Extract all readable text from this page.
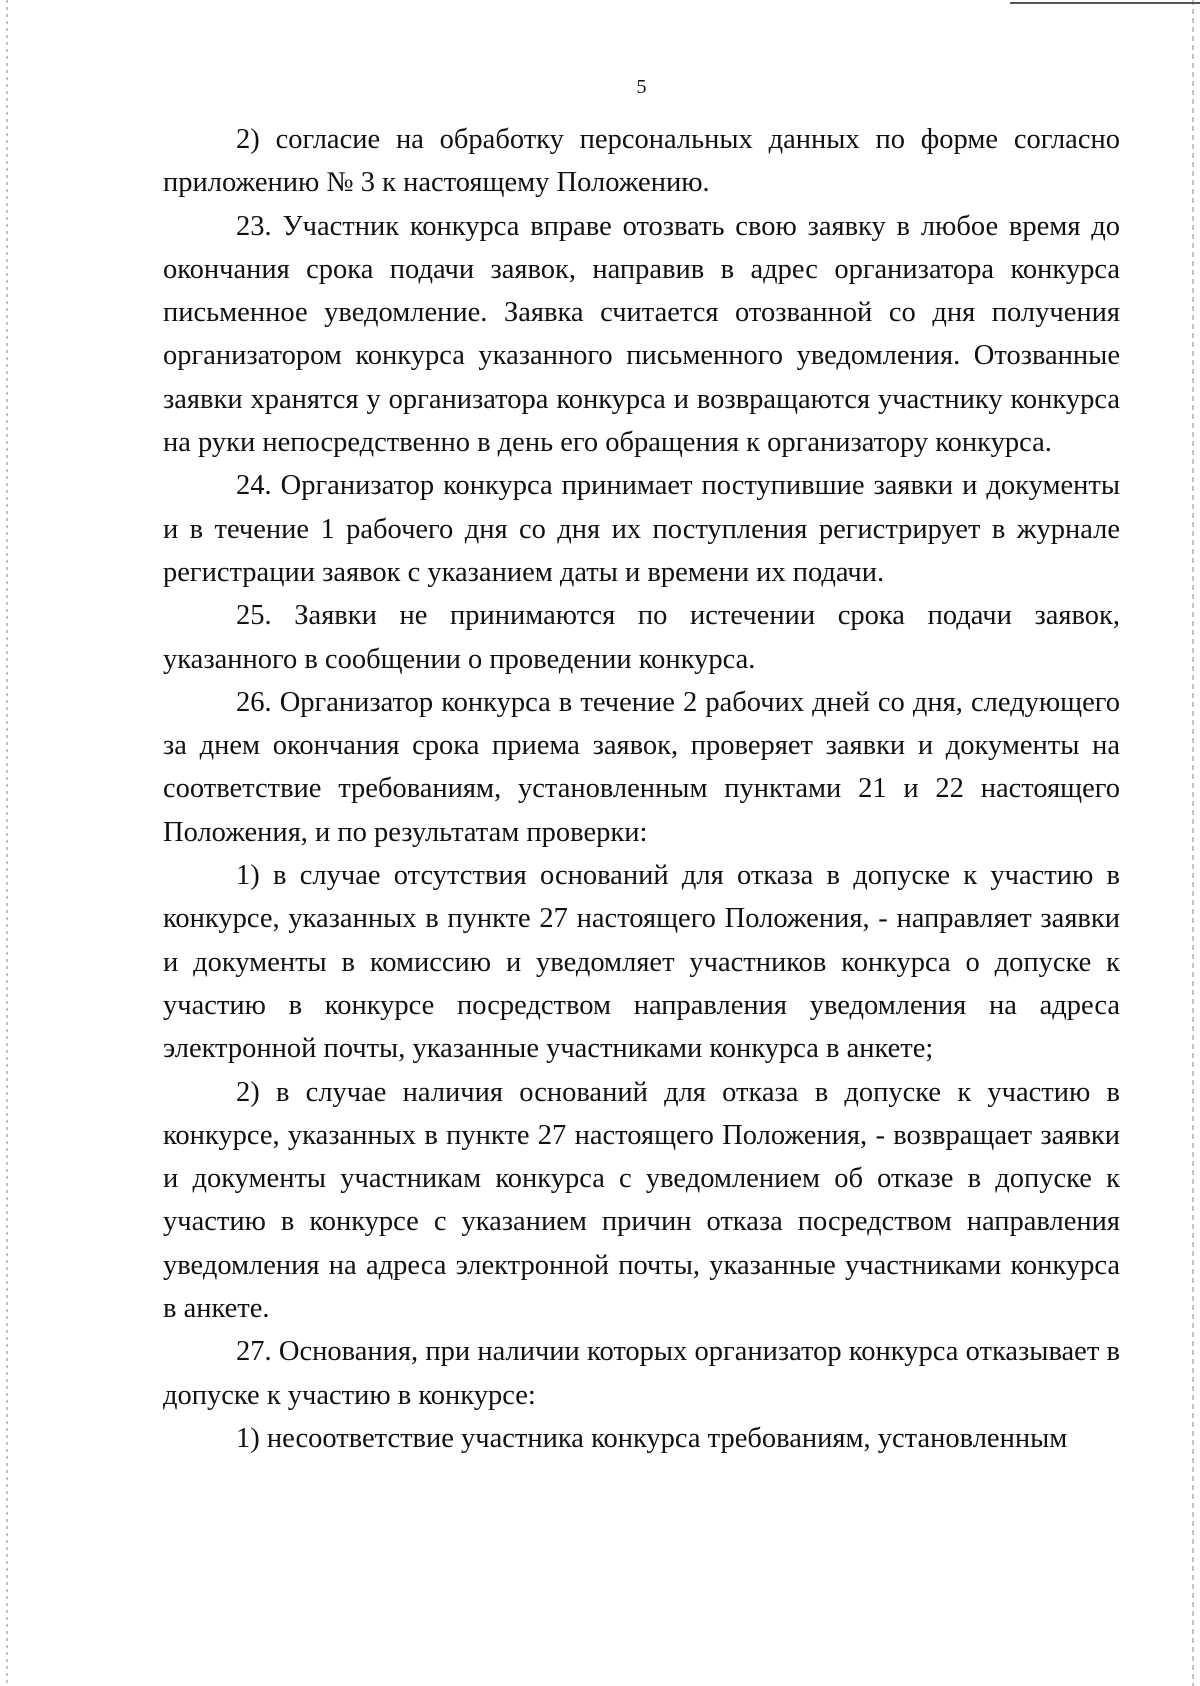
5

2) согласие на обработку персональных данных по форме согласно приложению № 3 к настоящему Положению.

23. Участник конкурса вправе отозвать свою заявку в любое время до окончания срока подачи заявок, направив в адрес организатора конкурса письменное уведомление. Заявка считается отозванной со дня получения организатором конкурса указанного письменного уведомления. Отозванные заявки хранятся у организатора конкурса и возвращаются участнику конкурса на руки непосредственно в день его обращения к организатору конкурса.

24. Организатор конкурса принимает поступившие заявки и документы и в течение 1 рабочего дня со дня их поступления регистрирует в журнале регистрации заявок с указанием даты и времени их подачи.

25. Заявки не принимаются по истечении срока подачи заявок, указанного в сообщении о проведении конкурса.

26. Организатор конкурса в течение 2 рабочих дней со дня, следующего за днем окончания срока приема заявок, проверяет заявки и документы на соответствие требованиям, установленным пунктами 21 и 22 настоящего Положения, и по результатам проверки:

1) в случае отсутствия оснований для отказа в допуске к участию в конкурсе, указанных в пункте 27 настоящего Положения, - направляет заявки и документы в комиссию и уведомляет участников конкурса о допуске к участию в конкурсе посредством направления уведомления на адреса электронной почты, указанные участниками конкурса в анкете;

2) в случае наличия оснований для отказа в допуске к участию в конкурсе, указанных в пункте 27 настоящего Положения, - возвращает заявки и документы участникам конкурса с уведомлением об отказе в допуске к участию в конкурсе с указанием причин отказа посредством направления уведомления на адреса электронной почты, указанные участниками конкурса в анкете.

27. Основания, при наличии которых организатор конкурса отказывает в допуске к участию в конкурсе:

1) несоответствие участника конкурса требованиям, установленным
